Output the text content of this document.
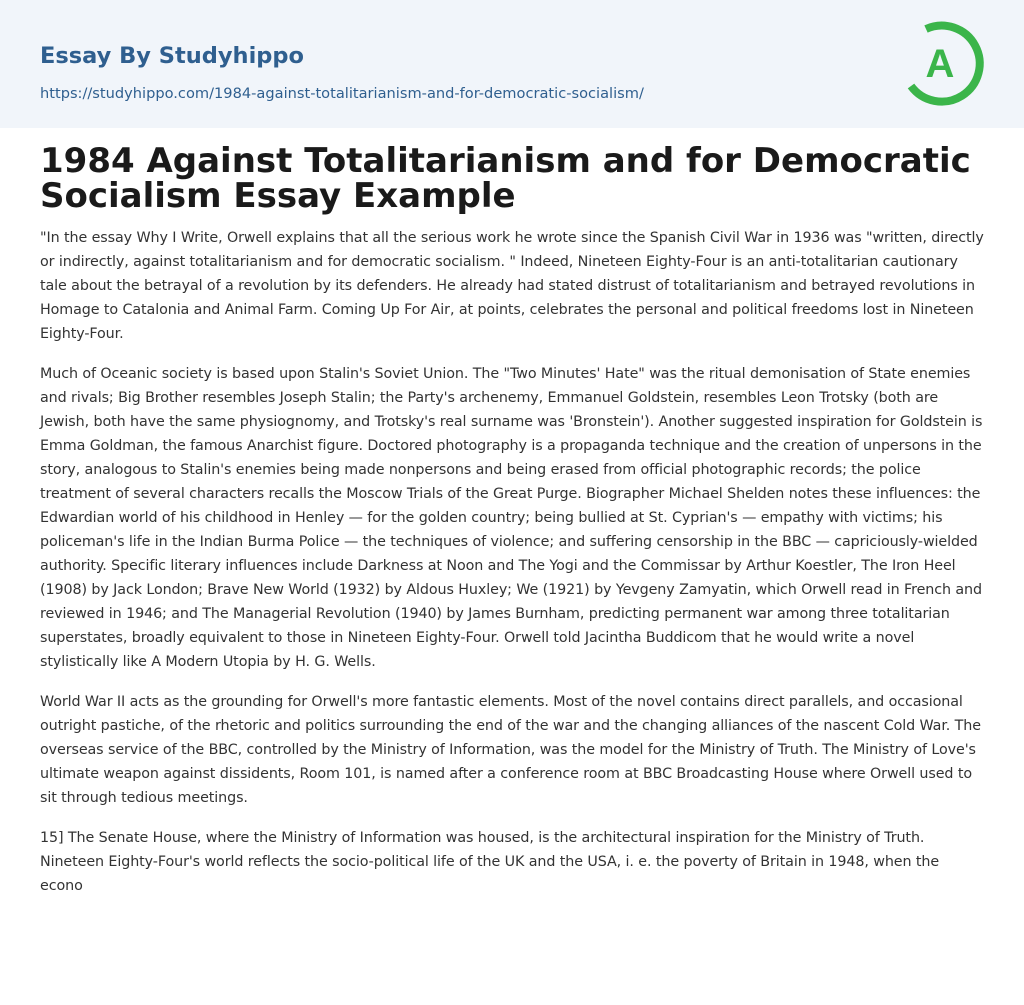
Essay By Studyhippo
https://studyhippo.com/1984-against-totalitarianism-and-for-democratic-socialism/
A
1984 Against Totalitarianism and for Democratic
Socialism Essay Example

"In the essay Why I Write, Orwell explains that all the serious work he wrote since the Spanish Civil War in 1936 was "written, directly or indirectly, against totalitarianism and for democratic socialism. " Indeed, Nineteen Eighty-Four is an anti-totalitarian cautionary tale about the betrayal of a revolution by its defenders. He already had stated distrust of totalitarianism and betrayed revolutions in Homage to Catalonia and Animal Farm. Coming Up For Air, at points, celebrates the personal and political freedoms lost in Nineteen Eighty-Four.

Much of Oceanic society is based upon Stalin's Soviet Union. The "Two Minutes' Hate" was the ritual demonisation of State enemies and rivals; Big Brother resembles Joseph Stalin; the Party's archenemy, Emmanuel Goldstein, resembles Leon Trotsky (both are Jewish, both have the same physiognomy, and Trotsky's real surname was 'Bronstein'). Another suggested inspiration for Goldstein is Emma Goldman, the famous Anarchist figure. Doctored photography is a propaganda technique and the creation of unpersons in the story, analogous to Stalin's enemies being made nonpersons and being erased from official photographic records; the police treatment of several characters recalls the Moscow Trials of the Great Purge. Biographer Michael Shelden notes these influences: the Edwardian world of his childhood in Henley — for the golden country; being bullied at St. Cyprian's — empathy with victims; his policeman's life in the Indian Burma Police — the techniques of violence; and suffering censorship in the BBC — capriciously-wielded authority. Specific literary influences include Darkness at Noon and The Yogi and the Commissar by Arthur Koestler, The Iron Heel (1908) by Jack London; Brave New World (1932) by Aldous Huxley; We (1921) by Yevgeny Zamyatin, which Orwell read in French and reviewed in 1946; and The Managerial Revolution (1940) by James Burnham, predicting permanent war among three totalitarian superstates, broadly equivalent to those in Nineteen Eighty-Four. Orwell told Jacintha Buddicom that he would write a novel stylistically like A Modern Utopia by H. G. Wells.

World War II acts as the grounding for Orwell's more fantastic elements. Most of the novel contains direct parallels, and occasional outright pastiche, of the rhetoric and politics surrounding the end of the war and the changing alliances of the nascent Cold War. The overseas service of the BBC, controlled by the Ministry of Information, was the model for the Ministry of Truth. The Ministry of Love's ultimate weapon against dissidents, Room 101, is named after a conference room at BBC Broadcasting House where Orwell used to sit through tedious meetings.

15] The Senate House, where the Ministry of Information was housed, is the architectural inspiration for the Ministry of Truth. Nineteen Eighty-Four's world reflects the socio-political life of the UK and the USA, i. e. the poverty of Britain in 1948, when the econo
